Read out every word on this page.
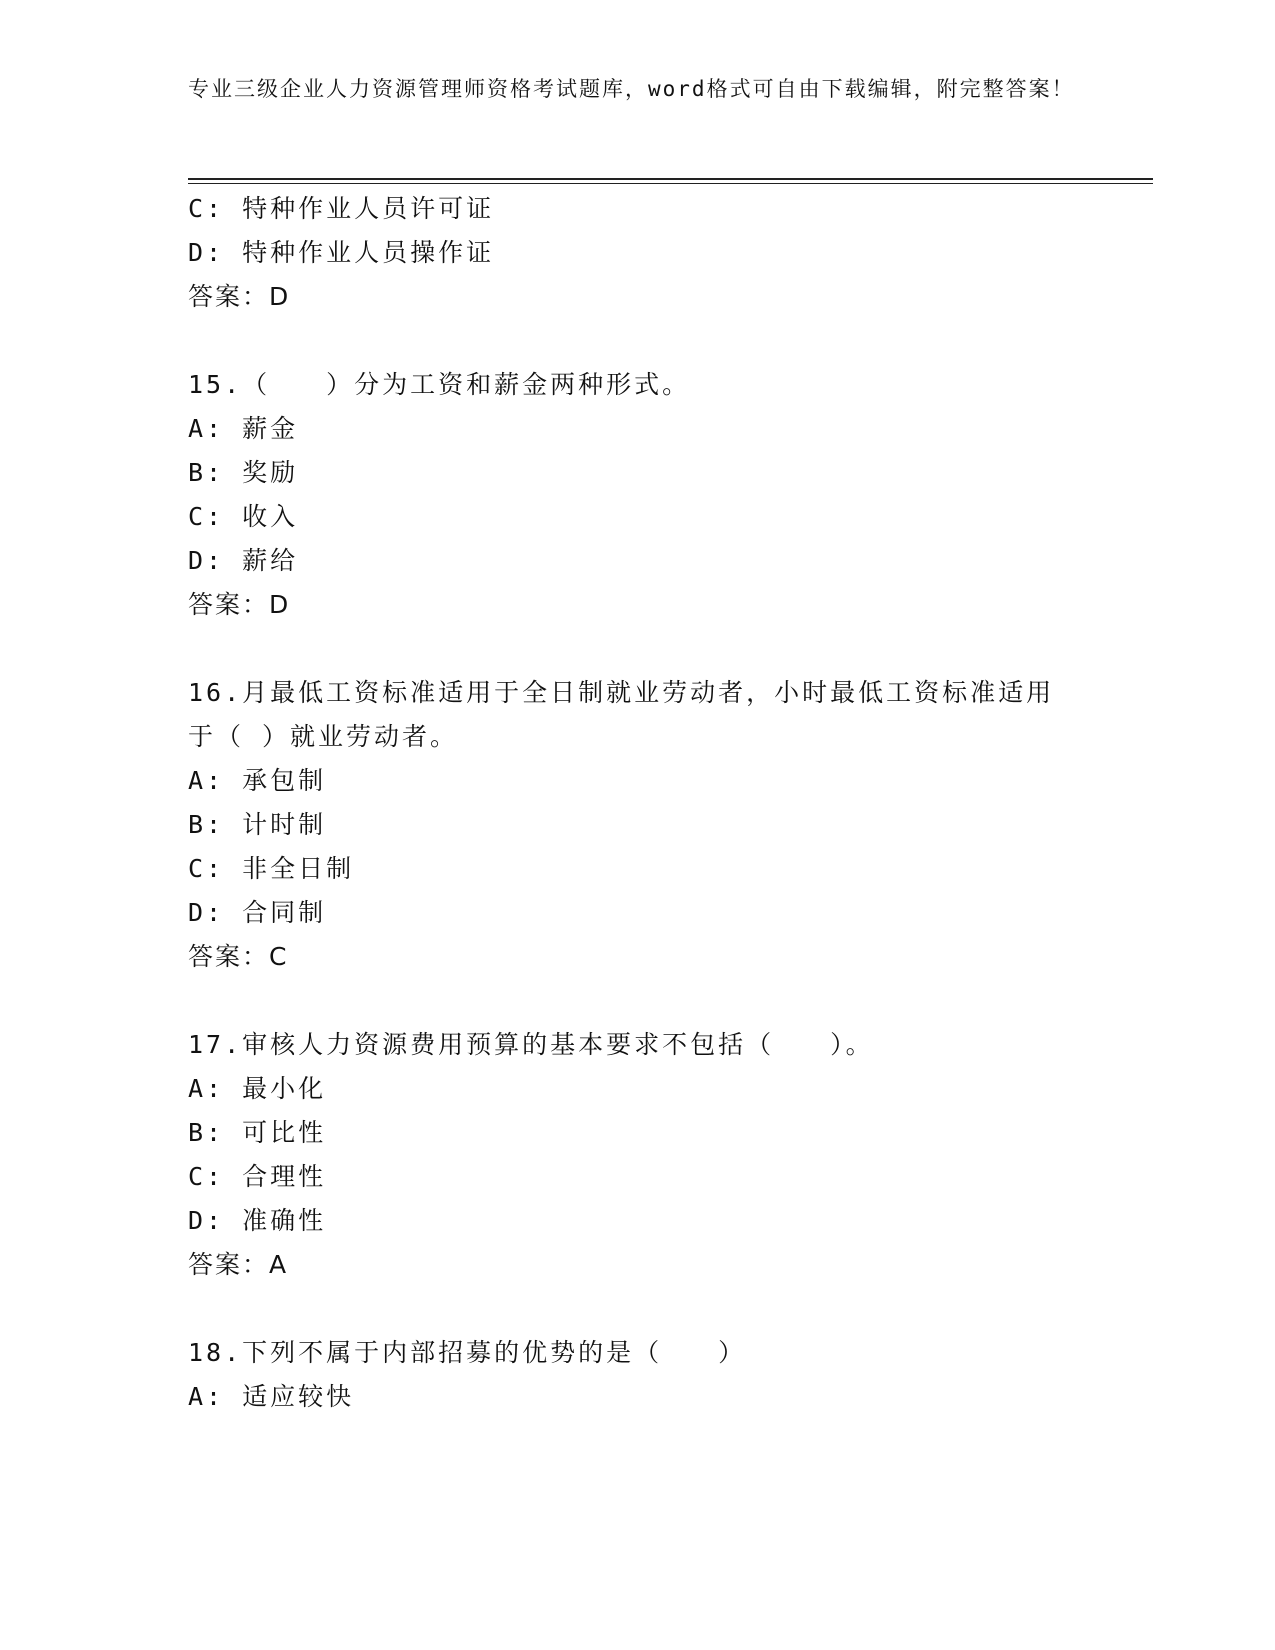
专业三级企业人力资源管理师资格考试题库，word格式可自由下载编辑，附完整答案！
C: 特种作业人员许可证
D: 特种作业人员操作证
答案：D
15.（　　）分为工资和薪金两种形式。
A: 薪金
B: 奖励
C: 收入
D: 薪给
答案：D
16.月最低工资标准适用于全日制就业劳动者，小时最低工资标准适用
于（ ）就业劳动者。
A: 承包制
B: 计时制
C: 非全日制
D: 合同制
答案：C
17.审核人力资源费用预算的基本要求不包括（　　）。
A: 最小化
B: 可比性
C: 合理性
D: 准确性
答案：A
18.下列不属于内部招募的优势的是（　　）
A: 适应较快
